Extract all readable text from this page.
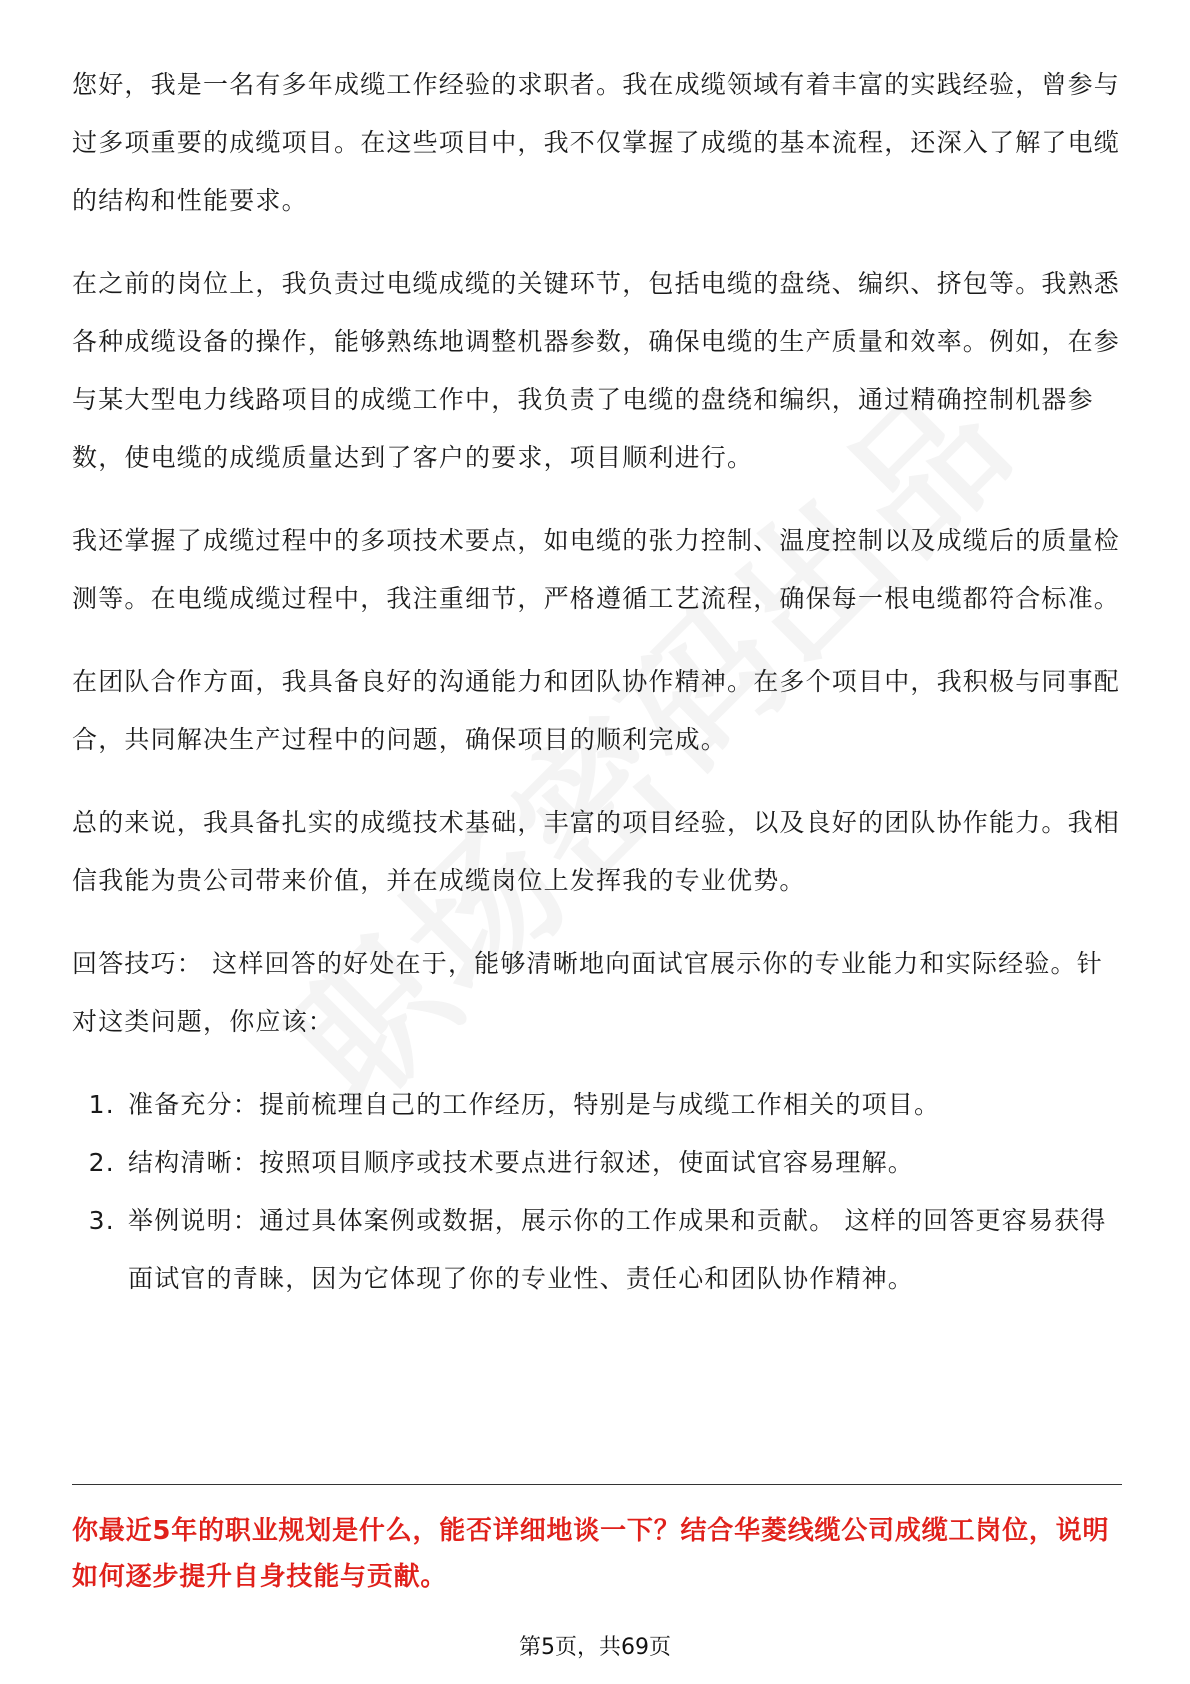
您好，我是一名有多年成缆工作经验的求职者。我在成缆领域有着丰富的实践经验，曾参与过多项重要的成缆项目。在这些项目中，我不仅掌握了成缆的基本流程，还深入了解了电缆的结构和性能要求。

在之前的岗位上，我负责过电缆成缆的关键环节，包括电缆的盘绕、编织、挤包等。我熟悉各种成缆设备的操作，能够熟练地调整机器参数，确保电缆的生产质量和效率。例如，在参与某大型电力线路项目的成缆工作中，我负责了电缆的盘绕和编织，通过精确控制机器参数，使电缆的成缆质量达到了客户的要求，项目顺利进行。

我还掌握了成缆过程中的多项技术要点，如电缆的张力控制、温度控制以及成缆后的质量检测等。在电缆成缆过程中，我注重细节，严格遵循工艺流程，确保每一根电缆都符合标准。

在团队合作方面，我具备良好的沟通能力和团队协作精神。在多个项目中，我积极与同事配合，共同解决生产过程中的问题，确保项目的顺利完成。

总的来说，我具备扎实的成缆技术基础，丰富的项目经验，以及良好的团队协作能力。我相信我能为贵公司带来价值，并在成缆岗位上发挥我的专业优势。

回答技巧： 这样回答的好处在于，能够清晰地向面试官展示你的专业能力和实际经验。针对这类问题，你应该：

1. 准备充分：提前梳理自己的工作经历，特别是与成缆工作相关的项目。
2. 结构清晰：按照项目顺序或技术要点进行叙述，使面试官容易理解。
3. 举例说明：通过具体案例或数据，展示你的工作成果和贡献。 这样的回答更容易获得面试官的青睐，因为它体现了你的专业性、责任心和团队协作精神。

你最近5年的职业规划是什么，能否详细地谈一下？结合华菱线缆公司成缆工岗位，说明如何逐步提升自身技能与贡献。

第5页，共69页
